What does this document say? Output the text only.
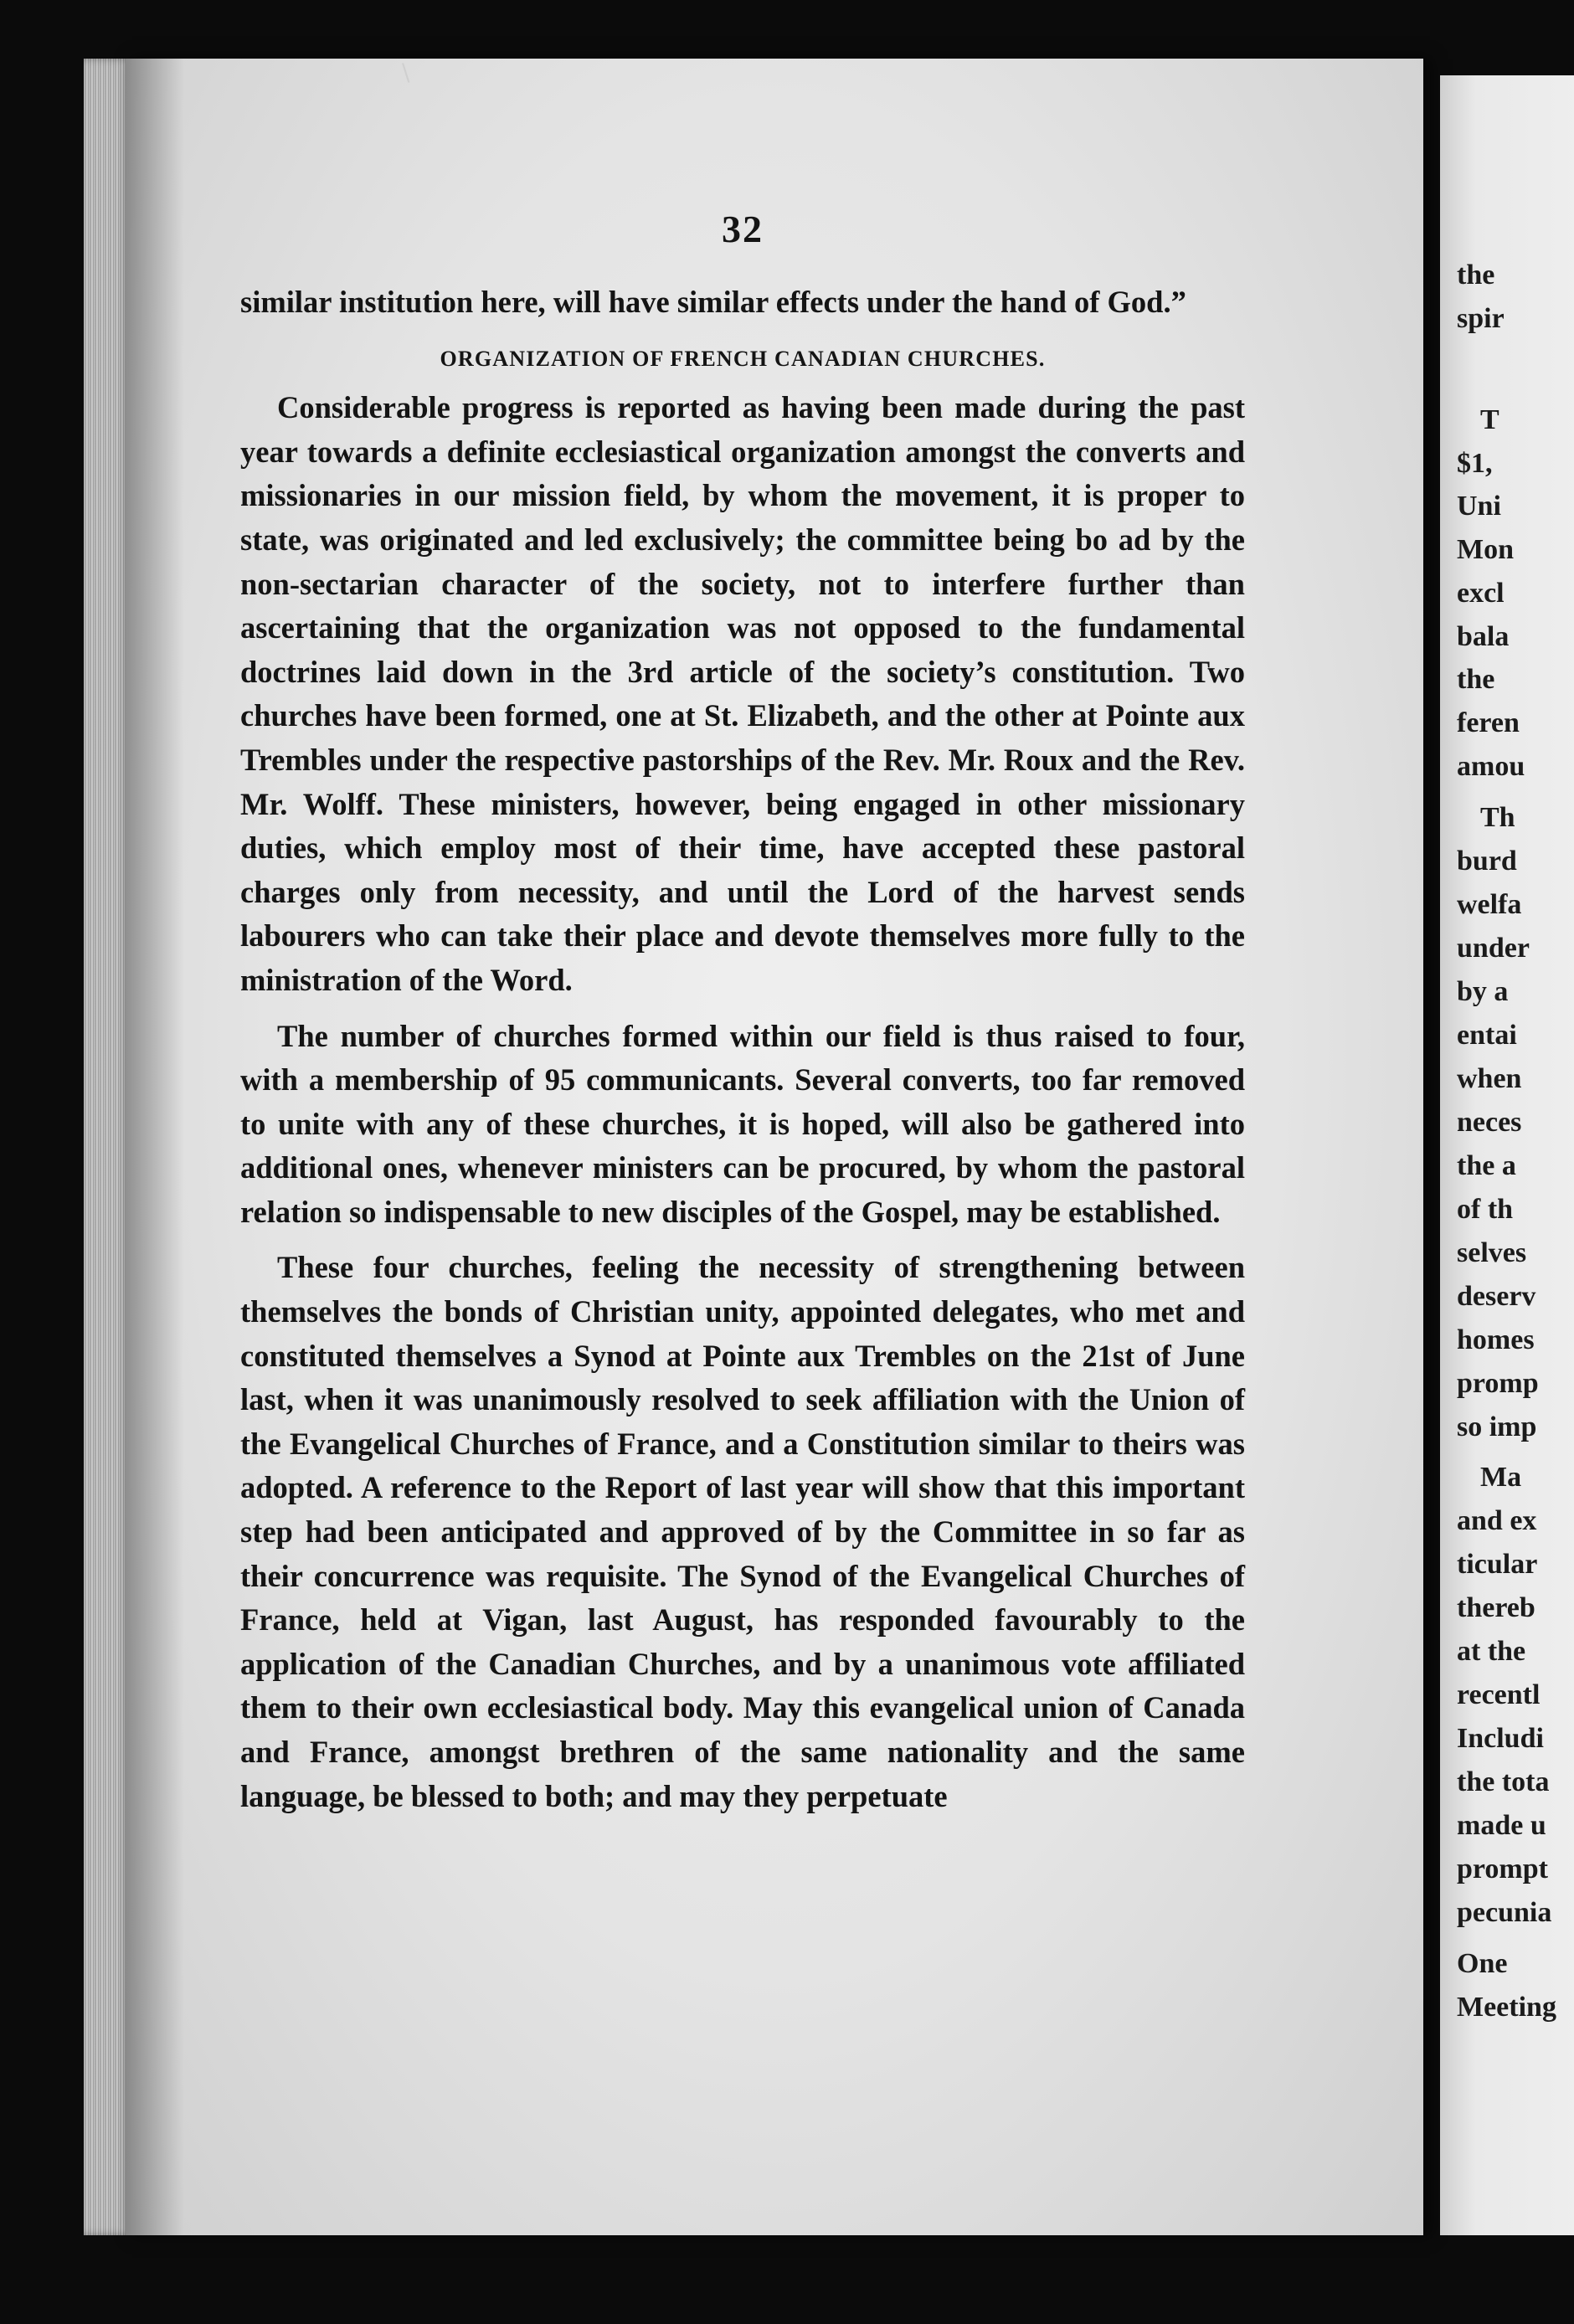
\
32

similar institution here, will have similar effects under the hand of God.”

ORGANIZATION OF FRENCH CANADIAN CHURCHES.

Considerable progress is reported as having been made during the past year towards a definite ecclesiastical organization amongst the converts and missionaries in our mission field, by whom the movement, it is proper to state, was originated and led exclusively; the committee being bo ad by the non-sectarian character of the society, not to interfere further than ascertaining that the organization was not opposed to the fundamental doctrines laid down in the 3rd article of the society’s constitution. Two churches have been formed, one at St. Elizabeth, and the other at Pointe aux Trembles under the respective pastorships of the Rev. Mr. Roux and the Rev. Mr. Wolff. These ministers, however, being engaged in other missionary duties, which employ most of their time, have accepted these pastoral charges only from necessity, and until the Lord of the harvest sends labourers who can take their place and devote themselves more fully to the ministration of the Word.

The number of churches formed within our field is thus raised to four, with a membership of 95 communicants. Several converts, too far removed to unite with any of these churches, it is hoped, will also be gathered into additional ones, whenever ministers can be procured, by whom the pastoral relation so indispensable to new disciples of the Gospel, may be established.

These four churches, feeling the necessity of strengthening between themselves the bonds of Christian unity, appointed delegates, who met and constituted themselves a Synod at Pointe aux Trembles on the 21st of June last, when it was unanimously resolved to seek affiliation with the Union of the Evangelical Churches of France, and a Constitution similar to theirs was adopted. A reference to the Report of last year will show that this important step had been anticipated and approved of by the Committee in so far as their concurrence was requisite. The Synod of the Evangelical Churches of France, held at Vigan, last August, has responded favourably to the application of the Canadian Churches, and by a unanimous vote affiliated them to their own ecclesiastical body. May this evangelical union of Canada and France, amongst brethren of the same nationality and the same language, be blessed to both; and may they perpetuate

the
spir
T
$1,
Uni
Mon
excl
bala
the
feren
amou
Th
burd
welfa
under
by a
entai
when
neces
the a
of th
selves
deserv
homes
promp
so imp
Ma
and ex
ticular
thereb
at the
recentl
Includi
the tota
made u
prompt
pecunia
One
Meeting
